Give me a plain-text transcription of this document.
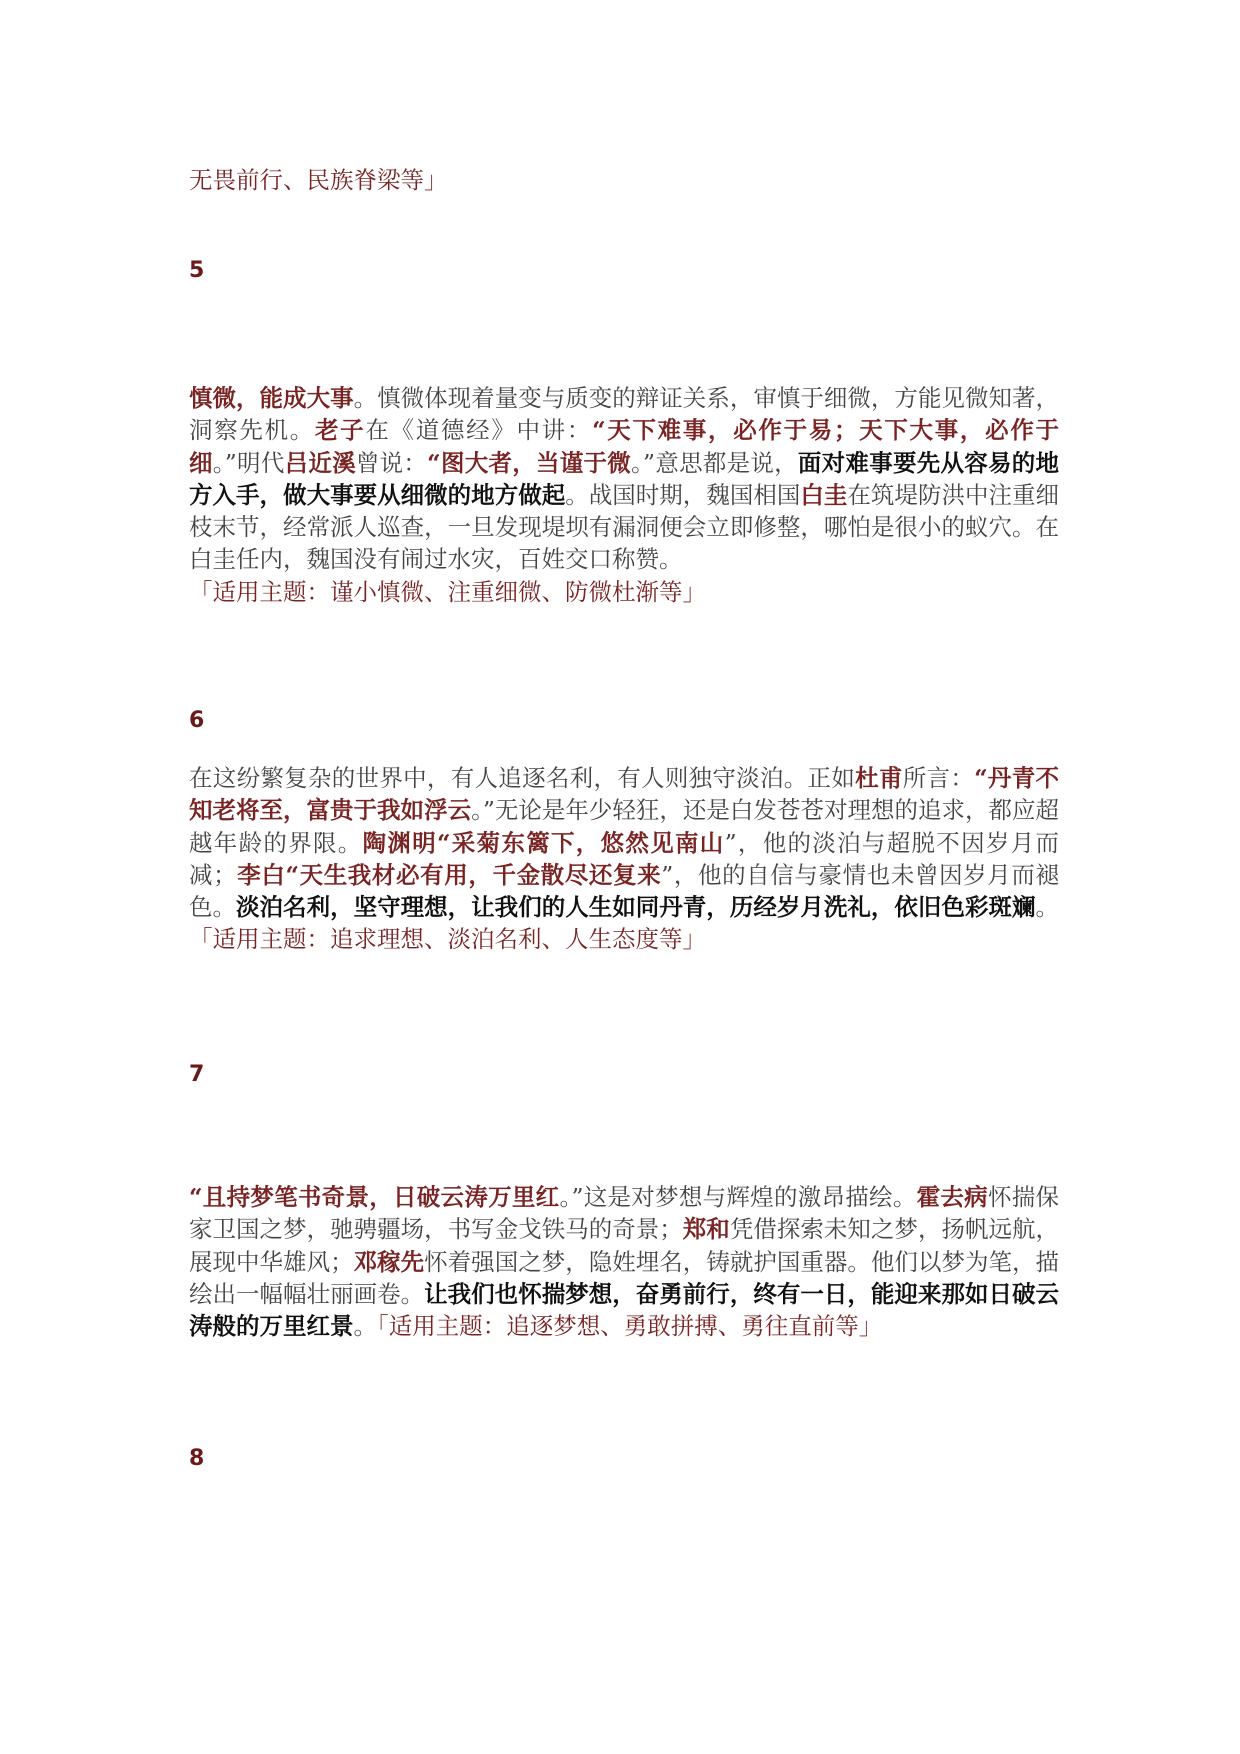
无畏前行、民族脊梁等」

5

慎微，能成大事。慎微体现着量变与质变的辩证关系，审慎于细微，方能见微知著，洞察先机。老子在《道德经》中讲：“天下难事，必作于易；天下大事，必作于细。”明代吕近溪曾说：“图大者，当谨于微。”意思都是说，面对难事要先从容易的地方入手，做大事要从细微的地方做起。战国时期，魏国相国白圭在筑堤防洪中注重细枝末节，经常派人巡查，一旦发现堤坝有漏洞便会立即修整，哪怕是很小的蚁穴。在白圭任内，魏国没有闹过水灾，百姓交口称赞。
「适用主题：谨小慎微、注重细微、防微杜渐等」

6

在这纷繁复杂的世界中，有人追逐名利，有人则独守淡泊。正如杜甫所言：“丹青不知老将至，富贵于我如浮云。”无论是年少轻狂，还是白发苍苍对理想的追求，都应超越年龄的界限。陶渊明“采菊东篱下，悠然见南山”，他的淡泊与超脱不因岁月而减；李白“天生我材必有用，千金散尽还复来”，他的自信与豪情也未曾因岁月而褪色。淡泊名利，坚守理想，让我们的人生如同丹青，历经岁月洗礼，依旧色彩斑斓。「适用主题：追求理想、淡泊名利、人生态度等」

7

“且持梦笔书奇景，日破云涛万里红。”这是对梦想与辉煌的激昂描绘。霍去病怀揣保家卫国之梦，驰骋疆场，书写金戈铁马的奇景；郑和凭借探索未知之梦，扬帆远航，展现中华雄风；邓稼先怀着强国之梦，隐姓埋名，铸就护国重器。他们以梦为笔，描绘出一幅幅壮丽画卷。让我们也怀揣梦想，奋勇前行，终有一日，能迎来那如日破云涛般的万里红景。「适用主题：追逐梦想、勇敢拼搏、勇往直前等」

8
